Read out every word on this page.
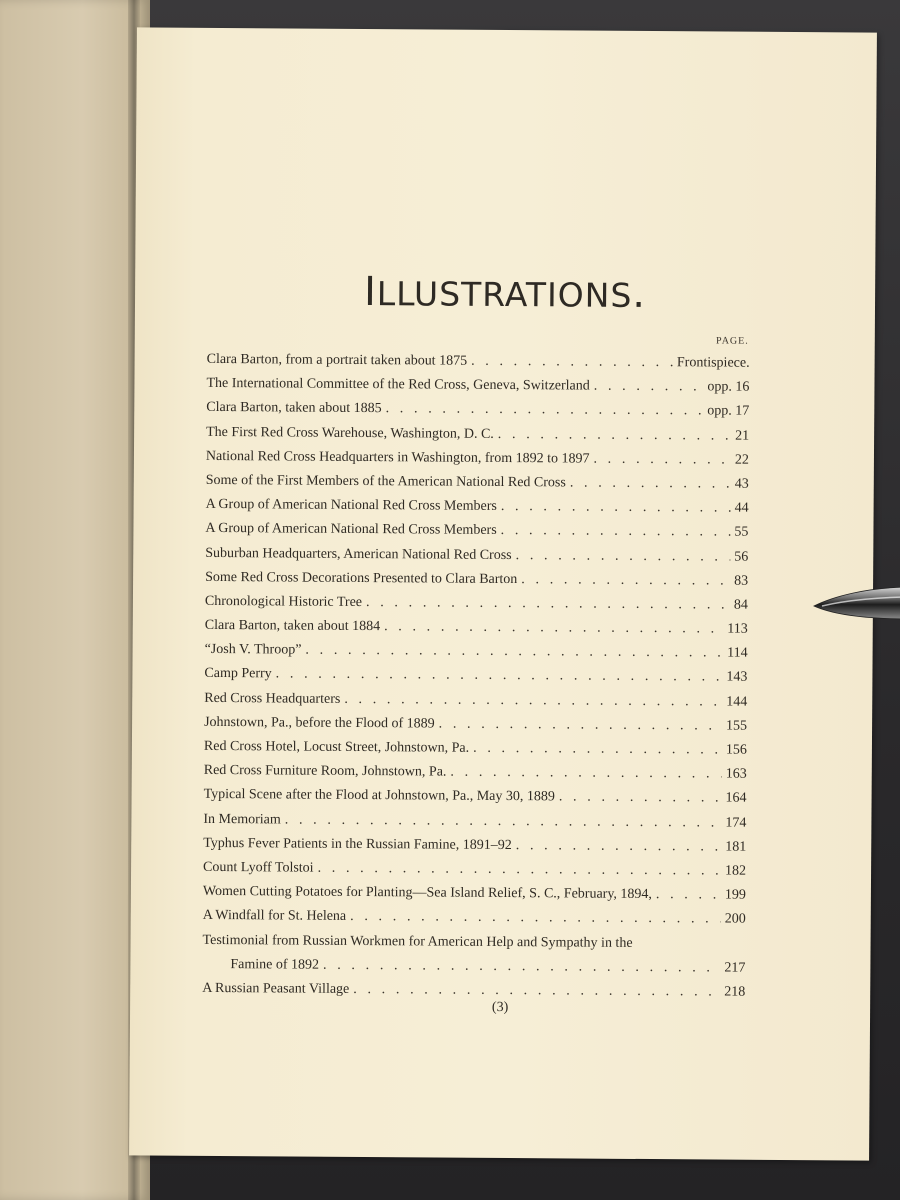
ILLUSTRATIONS.
PAGE.
Clara Barton, from a portrait taken about 1875 . . .	Frontispiece.
The International Committee of the Red Cross, Geneva, Switzerland . . .	opp. 16
Clara Barton, taken about 1885 . . .	opp. 17
The First Red Cross Warehouse, Washington, D. C. . . .	21
National Red Cross Headquarters in Washington, from 1892 to 1897 . . .	22
Some of the First Members of the American National Red Cross . . .	43
A Group of American National Red Cross Members . . .	44
A Group of American National Red Cross Members . . .	55
Suburban Headquarters, American National Red Cross . . .	56
Some Red Cross Decorations Presented to Clara Barton . . .	83
Chronological Historic Tree . . .	84
Clara Barton, taken about 1884 . . .	113
“Josh V. Throop” . . .	114
Camp Perry . . .	143
Red Cross Headquarters . . .	144
Johnstown, Pa., before the Flood of 1889 . . .	155
Red Cross Hotel, Locust Street, Johnstown, Pa. . . .	156
Red Cross Furniture Room, Johnstown, Pa. . . .	163
Typical Scene after the Flood at Johnstown, Pa., May 30, 1889 . . .	164
In Memoriam . . .	174
Typhus Fever Patients in the Russian Famine, 1891–92 . . .	181
Count Lyoff Tolstoi . . .	182
Women Cutting Potatoes for Planting—Sea Island Relief, S. C., February, 1894, . . .	199
A Windfall for St. Helena . . .	200
Testimonial from Russian Workmen for American Help and Sympathy in the
Famine of 1892 . . .	217
A Russian Peasant Village . . .	218
(3)
